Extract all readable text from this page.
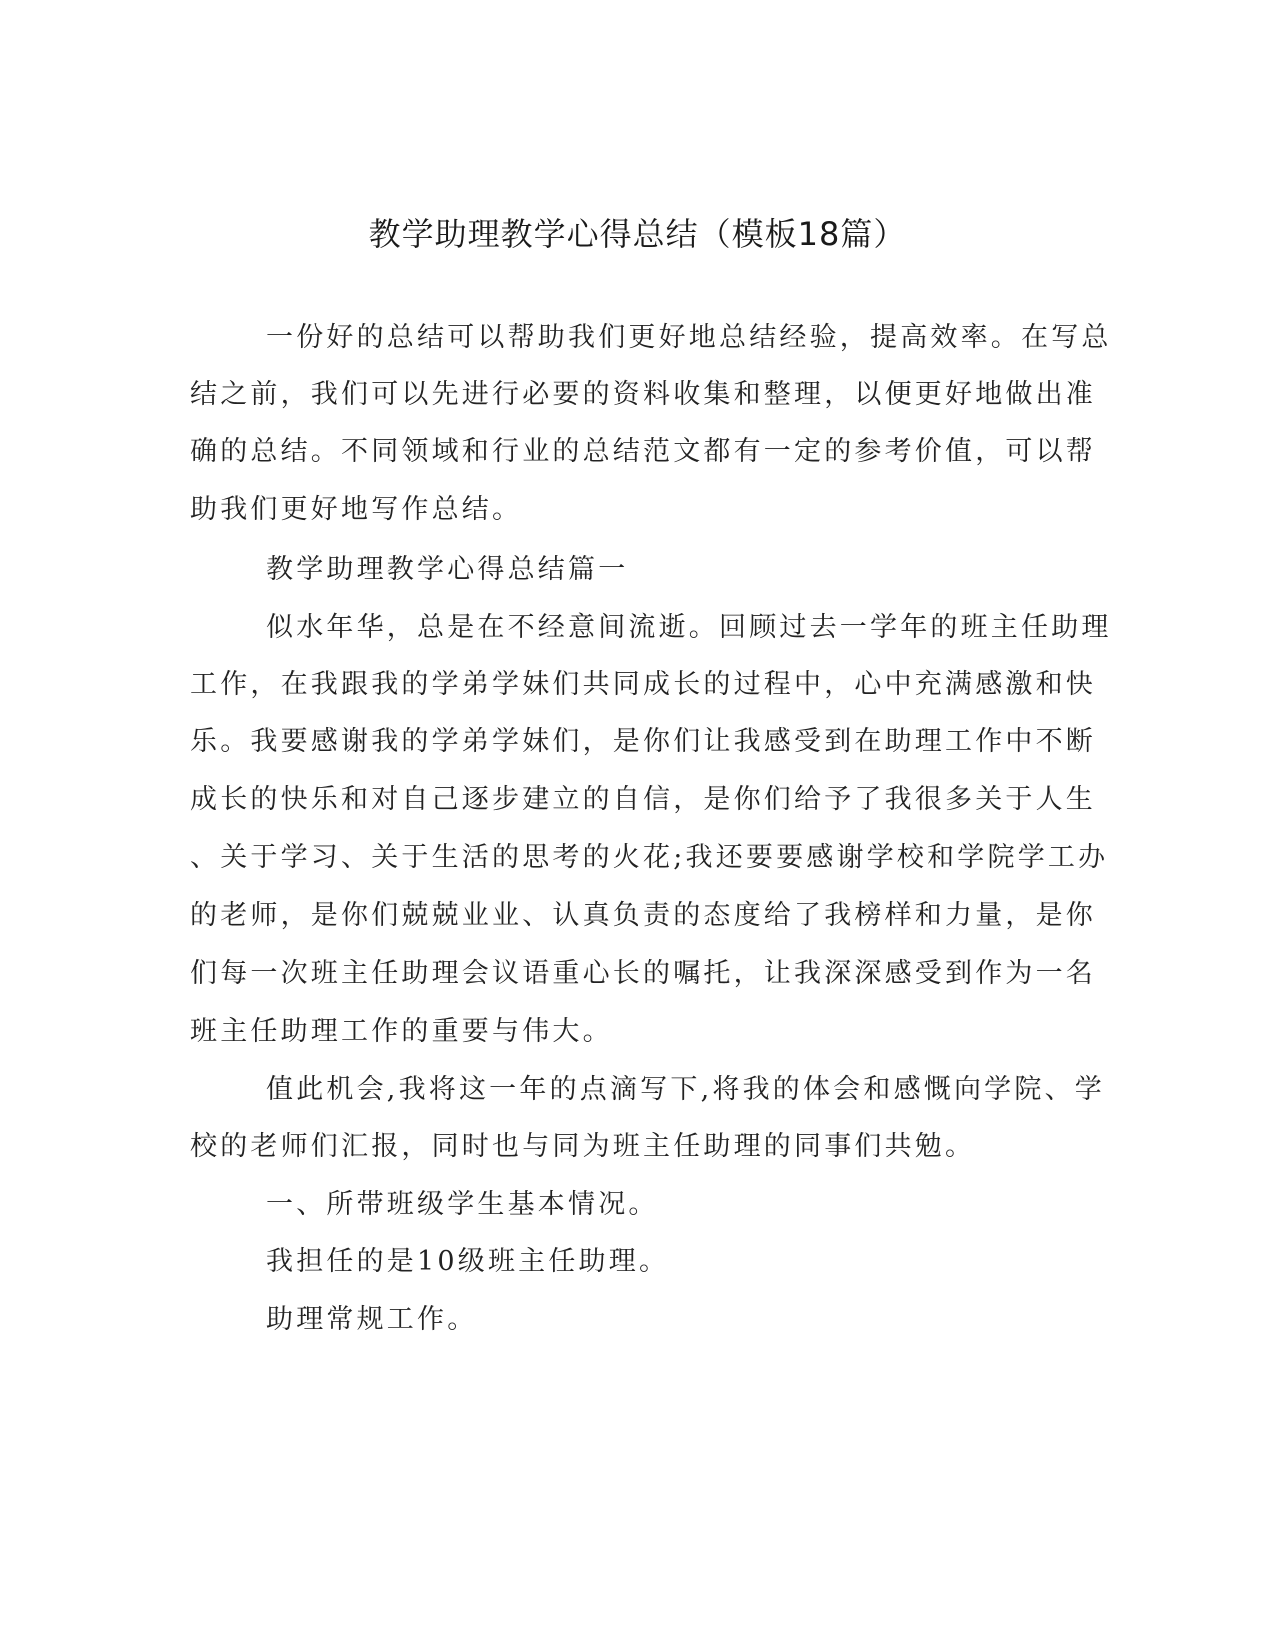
教学助理教学心得总结（模板18篇）
一份好的总结可以帮助我们更好地总结经验，提高效率。在写总
结之前，我们可以先进行必要的资料收集和整理，以便更好地做出准
确的总结。不同领域和行业的总结范文都有一定的参考价值，可以帮
助我们更好地写作总结。
教学助理教学心得总结篇一
似水年华，总是在不经意间流逝。回顾过去一学年的班主任助理
工作，在我跟我的学弟学妹们共同成长的过程中，心中充满感激和快
乐。我要感谢我的学弟学妹们，是你们让我感受到在助理工作中不断
成长的快乐和对自己逐步建立的自信，是你们给予了我很多关于人生
、关于学习、关于生活的思考的火花;我还要要感谢学校和学院学工办
的老师，是你们兢兢业业、认真负责的态度给了我榜样和力量，是你
们每一次班主任助理会议语重心长的嘱托，让我深深感受到作为一名
班主任助理工作的重要与伟大。
值此机会,我将这一年的点滴写下,将我的体会和感慨向学院、学
校的老师们汇报，同时也与同为班主任助理的同事们共勉。
一、所带班级学生基本情况。
我担任的是10级班主任助理。
助理常规工作。
